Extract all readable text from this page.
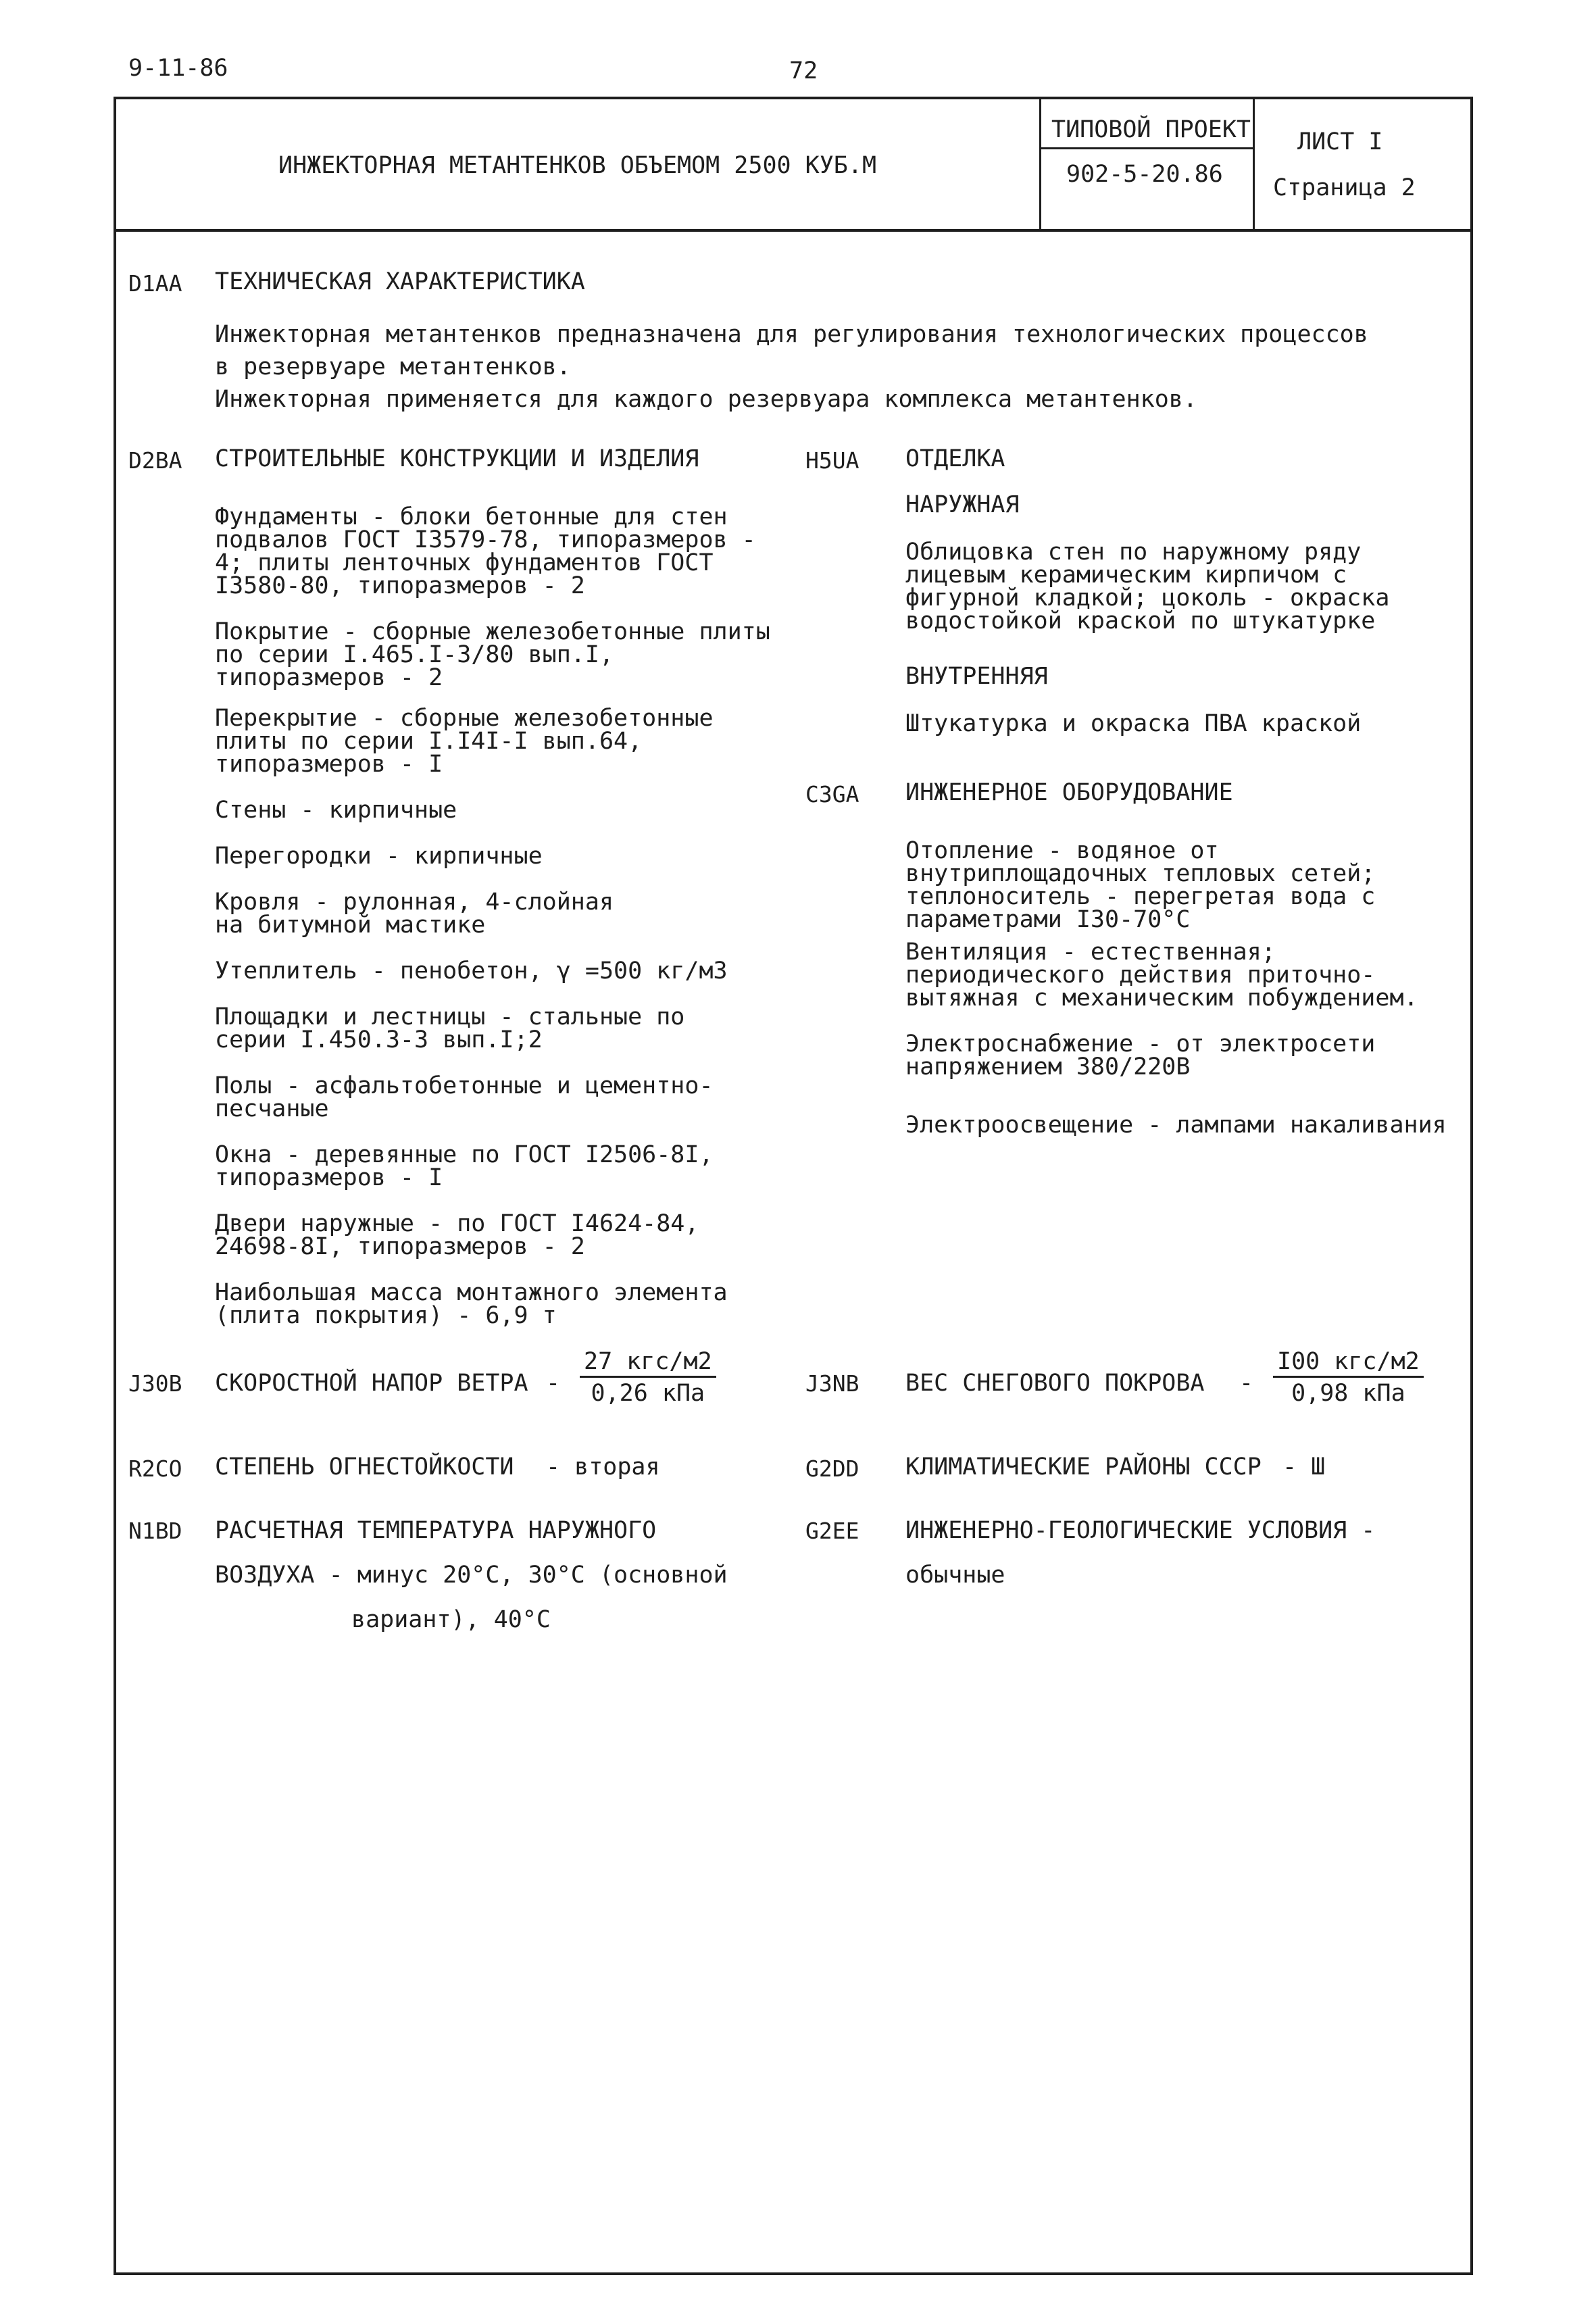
9-11-86	72
ИНЖЕКТОРНАЯ МЕТАНТЕНКОВ ОБЪЕМОМ 2500 КУБ.М
ТИПОВОЙ ПРОЕКТ
902-5-20.86
ЛИСТ I
Страница 2
D1AA ТЕХНИЧЕСКАЯ ХАРАКТЕРИСТИКА
Инжекторная метантенков предназначена для регулирования технологических процессов
в резервуаре метантенков.
Инжекторная применяется для каждого резервуара комплекса метантенков.
D2BA СТРОИТЕЛЬНЫЕ КОНСТРУКЦИИ И ИЗДЕЛИЯ
Фундаменты - блоки бетонные для стен подвалов ГОСТ I3579-78, типоразмеров - 4; плиты ленточных фундаментов ГОСТ I3580-80, типоразмеров - 2
Покрытие - сборные железобетонные плиты по серии I.465.I-3/80 вып.I, типоразмеров - 2
Перекрытие - сборные железобетонные плиты по серии I.I4I-I вып.64, типоразмеров - I
Стены - кирпичные
Перегородки - кирпичные
Кровля - рулонная, 4-слойная на битумной мастике
Утеплитель - пенобетон, γ =500 кг/м3
Площадки и лестницы - стальные по серии I.450.3-3 вып.I;2
Полы - асфальтобетонные и цементно-песчаные
Окна - деревянные по ГОСТ I2506-8I, типоразмеров - I
Двери наружные - по ГОСТ I4624-84, 24698-8I, типоразмеров - 2
Наибольшая масса монтажного элемента (плита покрытия) - 6,9 т
H5UA ОТДЕЛКА
НАРУЖНАЯ
Облицовка стен по наружному ряду лицевым керамическим кирпичом с фигурной кладкой; цоколь - окраска водостойкой краской по штукатурке
ВНУТРЕННЯЯ
Штукатурка и окраска ПВА краской
C3GA ИНЖЕНЕРНОЕ ОБОРУДОВАНИЕ
Отопление - водяное от внутриплощадочных тепловых сетей; теплоноситель - перегретая вода с параметрами I30-70°С
Вентиляция - естественная; периодического действия приточно-вытяжная с механическим побуждением.
Электроснабжение - от электросети напряжением 380/220В
Электроосвещение - лампами накаливания
J30B СКОРОСТНОЙ НАПОР ВЕТРА - $\frac{\text{27 кгс/м2}}{\text{0,26 кПа}}$	J3NB ВЕС СНЕГОВОГО ПОКРОВА - $\frac{\text{I00 кгс/м2}}{\text{0,98 кПа}}$
R2CO СТЕПЕНЬ ОГНЕСТОЙКОСТИ - вторая	G2DD КЛИМАТИЧЕСКИЕ РАЙОНЫ СССР - Ш
N1BD РАСЧЕТНАЯ ТЕМПЕРАТУРА НАРУЖНОГО
ВОЗДУХА - минус 20°С, 30°С (основной
вариант), 40°С
G2EE ИНЖЕНЕРНО-ГЕОЛОГИЧЕСКИЕ УСЛОВИЯ -
обычные
